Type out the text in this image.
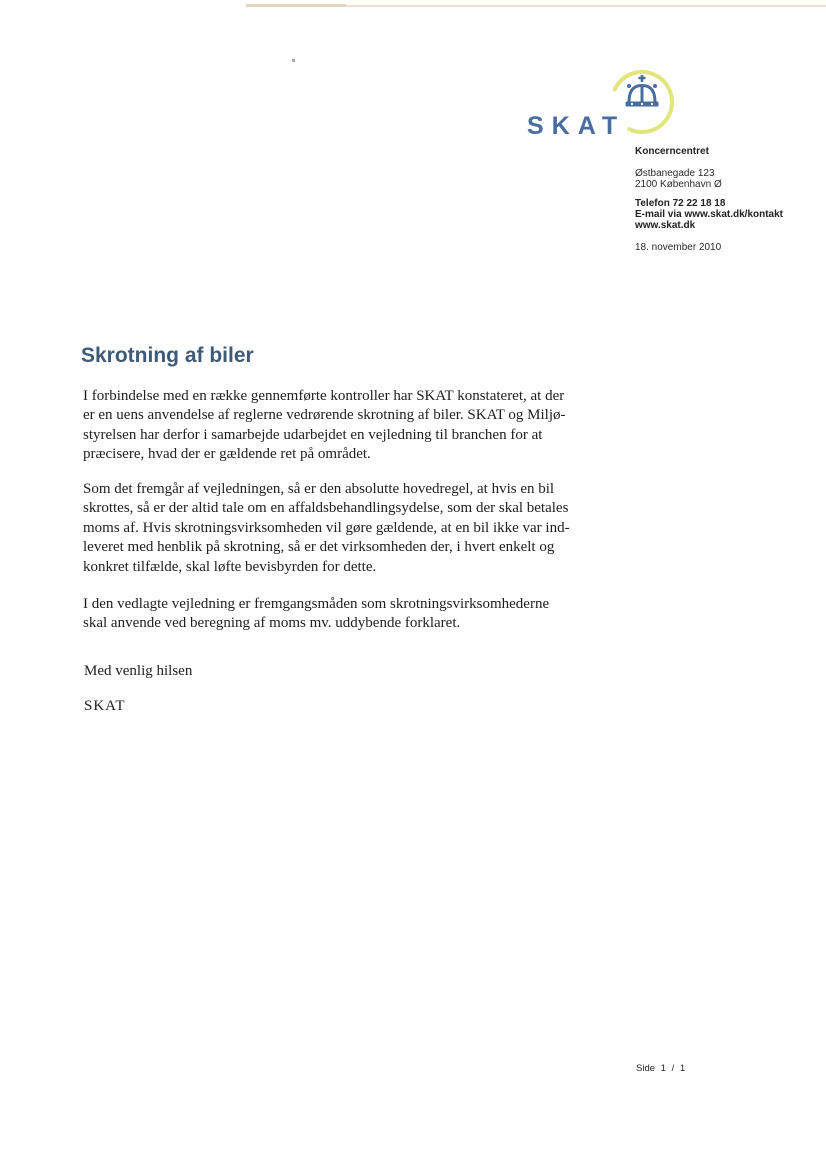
SKAT
Koncerncentret
Østbanegade 123
2100 København Ø
Telefon 72 22 18 18
E-mail via www.skat.dk/kontakt
www.skat.dk
18. november 2010
Skrotning af biler
I forbindelse med en række gennemførte kontroller har SKAT konstateret, at der
er en uens anvendelse af reglerne vedrørende skrotning af biler. SKAT og Miljø-
styrelsen har derfor i samarbejde udarbejdet en vejledning til branchen for at
præcisere, hvad der er gældende ret på området.
Som det fremgår af vejledningen, så er den absolutte hovedregel, at hvis en bil
skrottes, så er der altid tale om en affaldsbehandlingsydelse, som der skal betales
moms af. Hvis skrotningsvirksomheden vil gøre gældende, at en bil ikke var ind-
leveret med henblik på skrotning, så er det virksomheden der, i hvert enkelt og
konkret tilfælde, skal løfte bevisbyrden for dette.
I den vedlagte vejledning er fremgangsmåden som skrotningsvirksomhederne
skal anvende ved beregning af moms mv. uddybende forklaret.
Med venlig hilsen
SKAT
Side 1 / 1
